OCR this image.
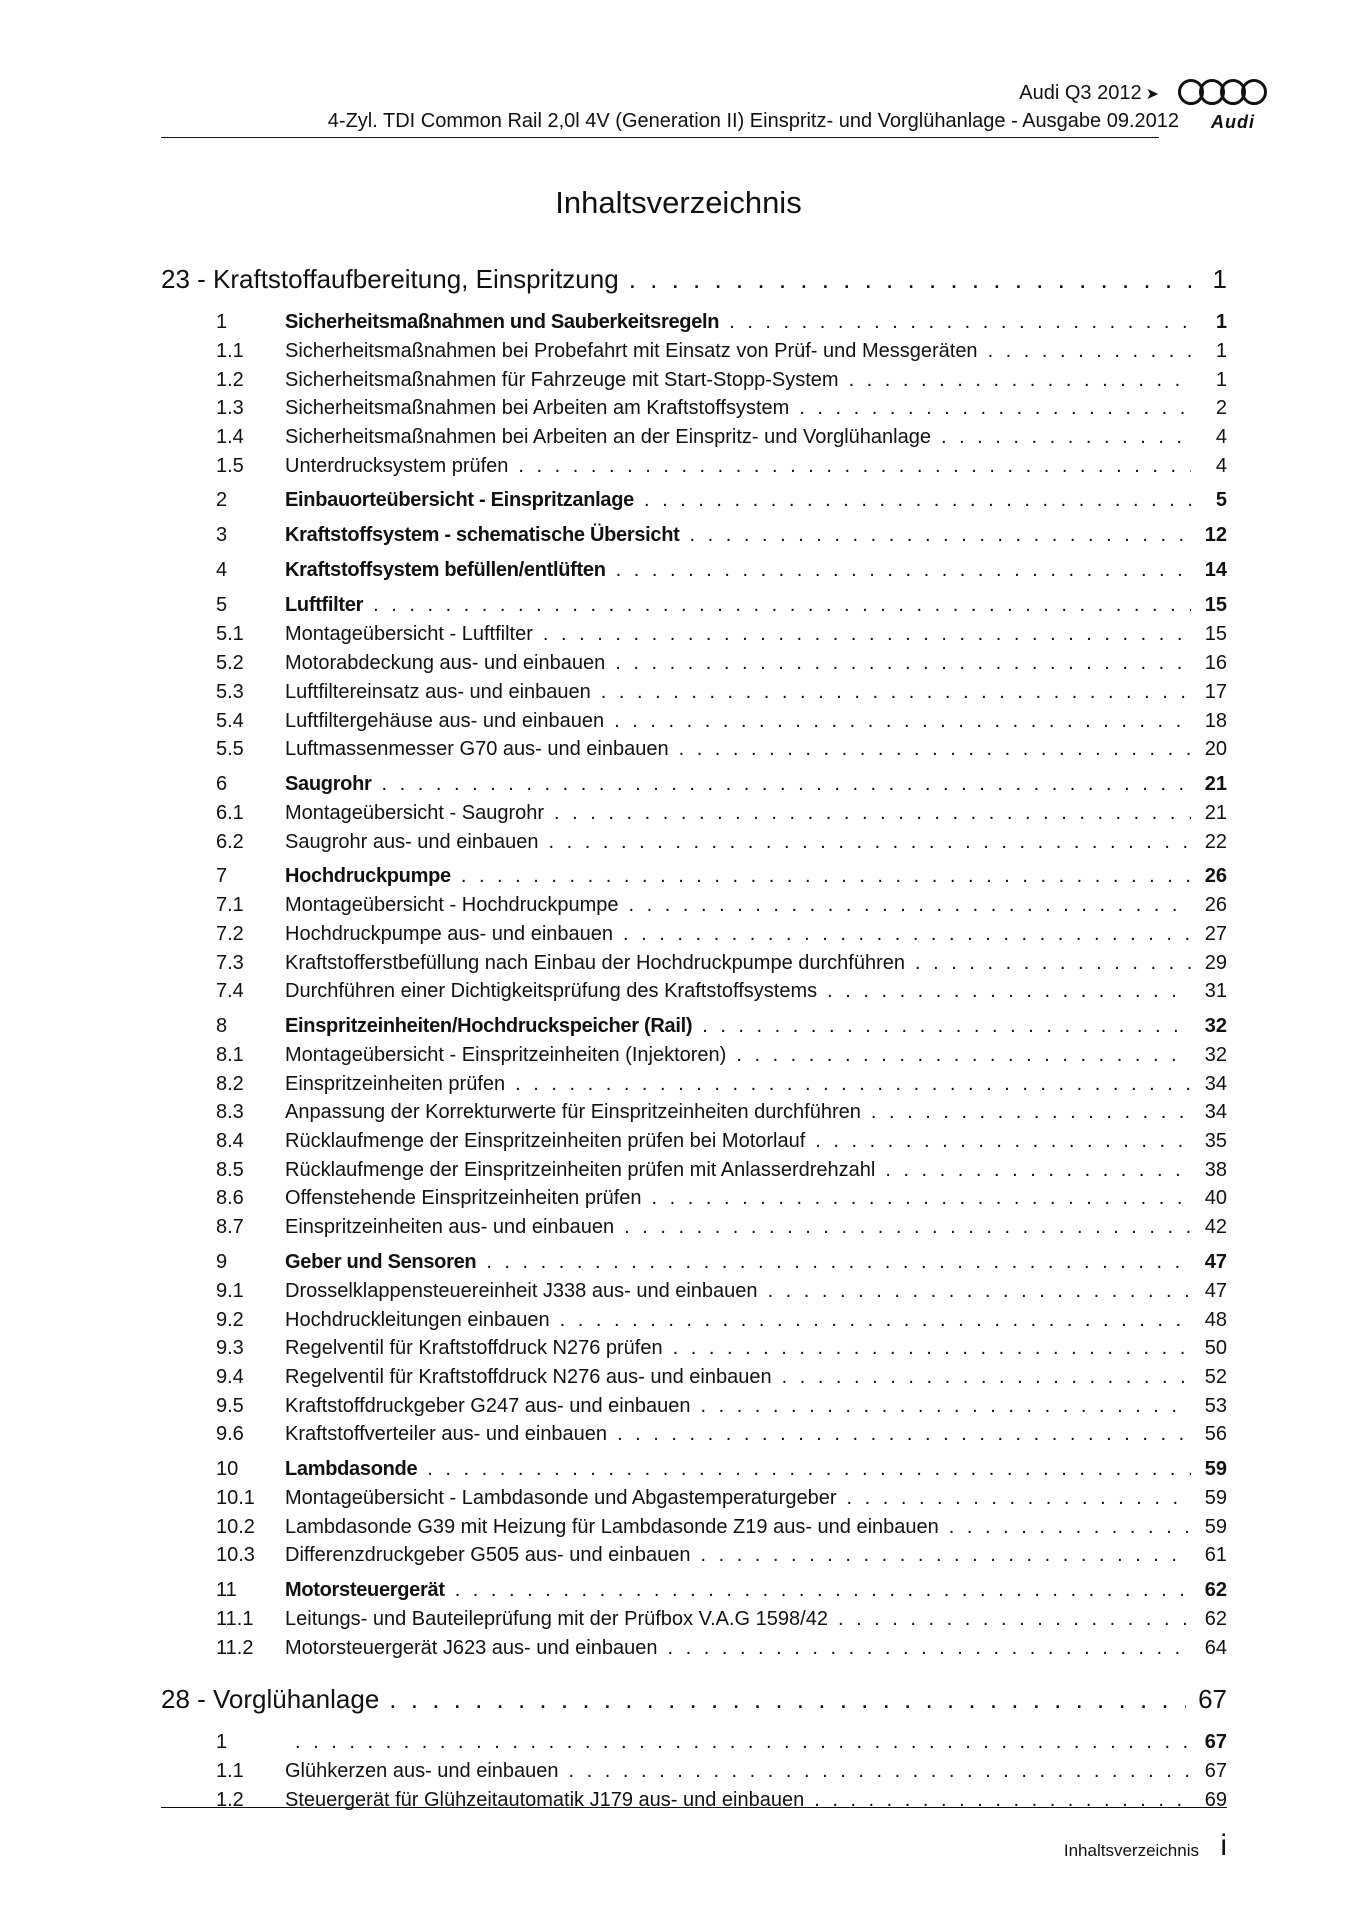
Audi Q3 2012 ➤
4-Zyl. TDI Common Rail 2,0l 4V (Generation II) Einspritz- und Vorglühanlage - Ausgabe 09.2012 Audi
Inhaltsverzeichnis
23 - Kraftstoffaufbereitung, Einspritzung . . .	1
1	Sicherheitsmaßnahmen und Sauberkeitsregeln . . .	1
1.1	Sicherheitsmaßnahmen bei Probefahrt mit Einsatz von Prüf- und Messgeräten . . .	1
1.2	Sicherheitsmaßnahmen für Fahrzeuge mit Start-Stopp-System . . .	1
1.3	Sicherheitsmaßnahmen bei Arbeiten am Kraftstoffsystem . . .	2
1.4	Sicherheitsmaßnahmen bei Arbeiten an der Einspritz- und Vorglühanlage . . .	4
1.5	Unterdrucksystem prüfen . . .	4
2	Einbauorteübersicht - Einspritzanlage . . .	5
3	Kraftstoffsystem - schematische Übersicht . . .	12
4	Kraftstoffsystem befüllen/entlüften . . .	14
5	Luftfilter . . .	15
5.1	Montageübersicht - Luftfilter . . .	15
5.2	Motorabdeckung aus- und einbauen . . .	16
5.3	Luftfiltereinsatz aus- und einbauen . . .	17
5.4	Luftfiltergehäuse aus- und einbauen . . .	18
5.5	Luftmassenmesser G70 aus- und einbauen . . .	20
6	Saugrohr . . .	21
6.1	Montageübersicht - Saugrohr . . .	21
6.2	Saugrohr aus- und einbauen . . .	22
7	Hochdruckpumpe . . .	26
7.1	Montageübersicht - Hochdruckpumpe . . .	26
7.2	Hochdruckpumpe aus- und einbauen . . .	27
7.3	Kraftstofferstbefüllung nach Einbau der Hochdruckpumpe durchführen . . .	29
7.4	Durchführen einer Dichtigkeitsprüfung des Kraftstoffsystems . . .	31
8	Einspritzeinheiten/Hochdruckspeicher (Rail) . . .	32
8.1	Montageübersicht - Einspritzeinheiten (Injektoren) . . .	32
8.2	Einspritzeinheiten prüfen . . .	34
8.3	Anpassung der Korrekturwerte für Einspritzeinheiten durchführen . . .	34
8.4	Rücklaufmenge der Einspritzeinheiten prüfen bei Motorlauf . . .	35
8.5	Rücklaufmenge der Einspritzeinheiten prüfen mit Anlasserdrehzahl . . .	38
8.6	Offenstehende Einspritzeinheiten prüfen . . .	40
8.7	Einspritzeinheiten aus- und einbauen . . .	42
9	Geber und Sensoren . . .	47
9.1	Drosselklappensteuereinheit J338 aus- und einbauen . . .	47
9.2	Hochdruckleitungen einbauen . . .	48
9.3	Regelventil für Kraftstoffdruck N276 prüfen . . .	50
9.4	Regelventil für Kraftstoffdruck N276 aus- und einbauen . . .	52
9.5	Kraftstoffdruckgeber G247 aus- und einbauen . . .	53
9.6	Kraftstoffverteiler aus- und einbauen . . .	56
10	Lambdasonde . . .	59
10.1	Montageübersicht - Lambdasonde und Abgastemperaturgeber . . .	59
10.2	Lambdasonde G39 mit Heizung für Lambdasonde Z19 aus- und einbauen . . .	59
10.3	Differenzdruckgeber G505 aus- und einbauen . . .	61
11	Motorsteuergerät . . .	62
11.1	Leitungs- und Bauteileprüfung mit der Prüfbox V.A.G 1598/42 . . .	62
11.2	Motorsteuergerät J623 aus- und einbauen . . .	64
28 - Vorglühanlage . . .	67
1 . . .	67
1.1	Glühkerzen aus- und einbauen . . .	67
1.2	Steuergerät für Glühzeitautomatik J179 aus- und einbauen . . .	69
Inhaltsverzeichnis i
